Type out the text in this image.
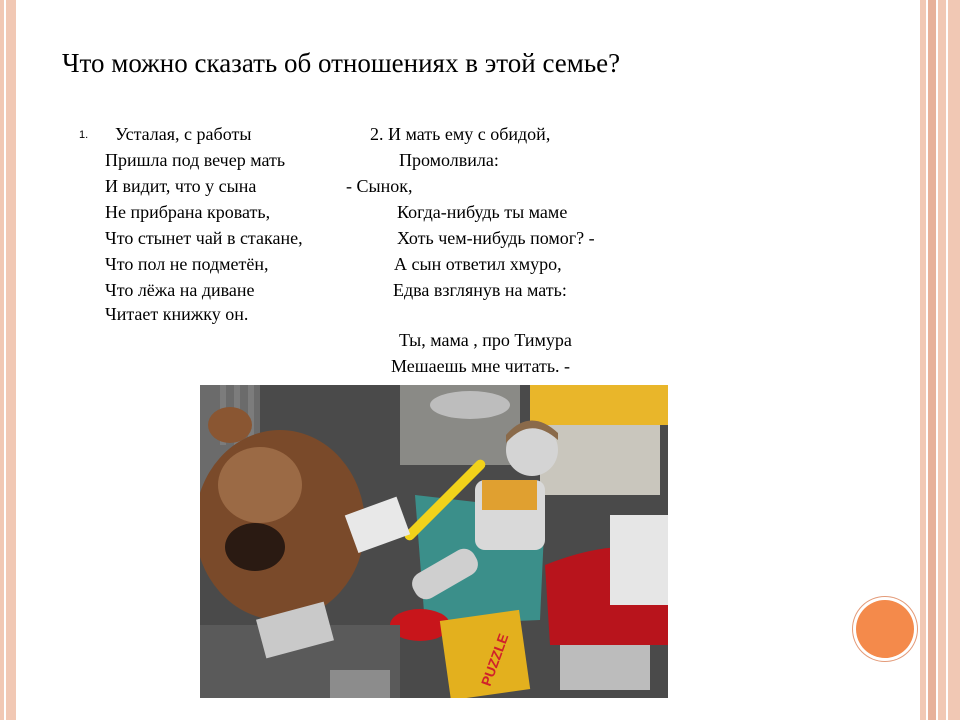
Что можно сказать об отношениях в этой семье?
1. Усталая, с работы
Пришла под вечер мать
И видит, что у сына
Не прибрана кровать,
Что стынет чай в стакане,
Что пол не подметён,
Что лёжа на диване
Читает книжку он.
2. И мать ему с обидой,
Промолвила:
- Сынок,
Когда-нибудь ты маме
Хоть чем-нибудь помог? -
А сын ответил хмуро,
Едва взглянув на мать:
Ты, мама , про Тимура
Мешаешь мне читать. -
PUZZLE
